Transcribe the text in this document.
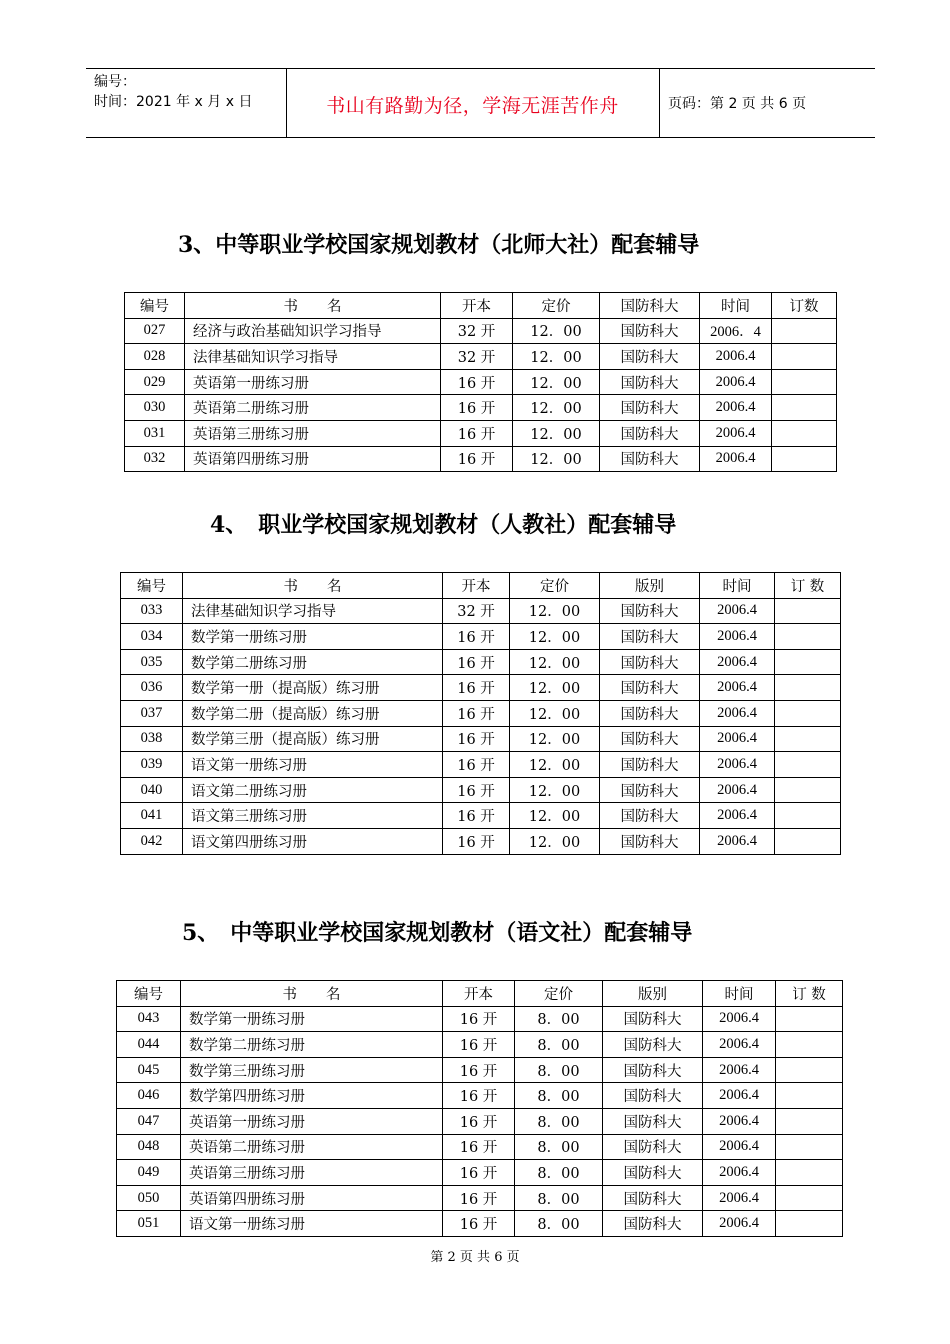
编号：
时间：2021 年 x 月 x 日	书山有路勤为径，学海无涯苦作舟	页码：第 2 页 共 6 页
3、中等职业学校国家规划教材（北师大社）配套辅导
编号	书　　名	开本	定价	国防科大	时间	订数
027	经济与政治基础知识学习指导	32 开	12．00	国防科大	2006．4	
028	法律基础知识学习指导	32 开	12．00	国防科大	2006.4	
029	英语第一册练习册	16 开	12．00	国防科大	2006.4	
030	英语第二册练习册	16 开	12．00	国防科大	2006.4	
031	英语第三册练习册	16 开	12．00	国防科大	2006.4	
032	英语第四册练习册	16 开	12．00	国防科大	2006.4	
4、　职业学校国家规划教材（人教社）配套辅导
编号	书　　名	开本	定价	版别	时间	订 数
033	法律基础知识学习指导	32 开	12．00	国防科大	2006.4	
034	数学第一册练习册	16 开	12．00	国防科大	2006.4	
035	数学第二册练习册	16 开	12．00	国防科大	2006.4	
036	数学第一册（提高版）练习册	16 开	12．00	国防科大	2006.4	
037	数学第二册（提高版）练习册	16 开	12．00	国防科大	2006.4	
038	数学第三册（提高版）练习册	16 开	12．00	国防科大	2006.4	
039	语文第一册练习册	16 开	12．00	国防科大	2006.4	
040	语文第二册练习册	16 开	12．00	国防科大	2006.4	
041	语文第三册练习册	16 开	12．00	国防科大	2006.4	
042	语文第四册练习册	16 开	12．00	国防科大	2006.4	
5、　中等职业学校国家规划教材（语文社）配套辅导
编号	书　　名	开本	定价	版别	时间	订 数
043	数学第一册练习册	16 开	8．00	国防科大	2006.4	
044	数学第二册练习册	16 开	8．00	国防科大	2006.4	
045	数学第三册练习册	16 开	8．00	国防科大	2006.4	
046	数学第四册练习册	16 开	8．00	国防科大	2006.4	
047	英语第一册练习册	16 开	8．00	国防科大	2006.4	
048	英语第二册练习册	16 开	8．00	国防科大	2006.4	
049	英语第三册练习册	16 开	8．00	国防科大	2006.4	
050	英语第四册练习册	16 开	8．00	国防科大	2006.4	
051	语文第一册练习册	16 开	8．00	国防科大	2006.4	
第 2 页 共 6 页
